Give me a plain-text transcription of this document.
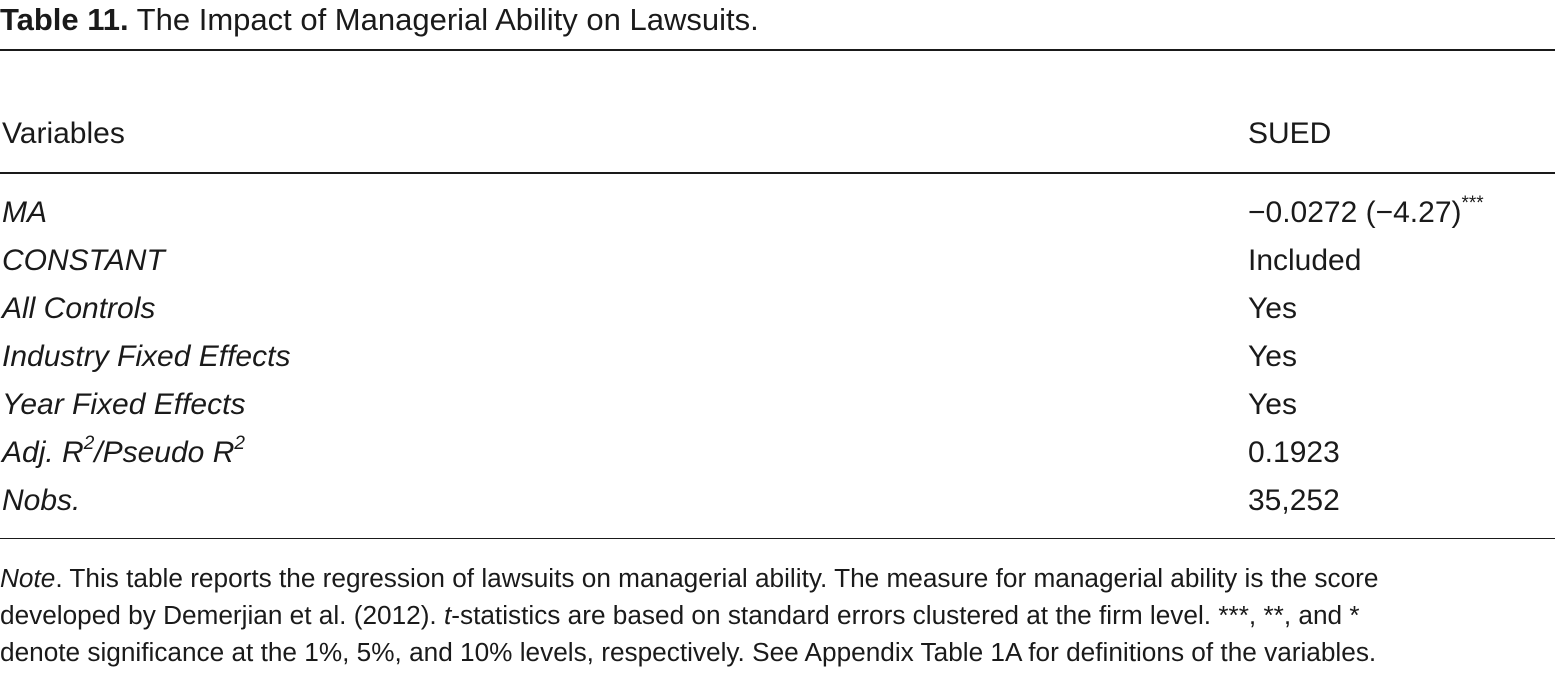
Table 11. The Impact of Managerial Ability on Lawsuits.
Variables	SUED
MA	−0.0272 (−4.27)***
CONSTANT	Included
All Controls	Yes
Industry Fixed Effects	Yes
Year Fixed Effects	Yes
Adj. $R^2$/Pseudo $R^2$	0.1923
Nobs.	35,252
Note. This table reports the regression of lawsuits on managerial ability. The measure for managerial ability is the score
developed by Demerjian et al. (2012). t-statistics are based on standard errors clustered at the firm level. ***, **, and *
denote significance at the 1%, 5%, and 10% levels, respectively. See Appendix Table 1A for definitions of the variables.
